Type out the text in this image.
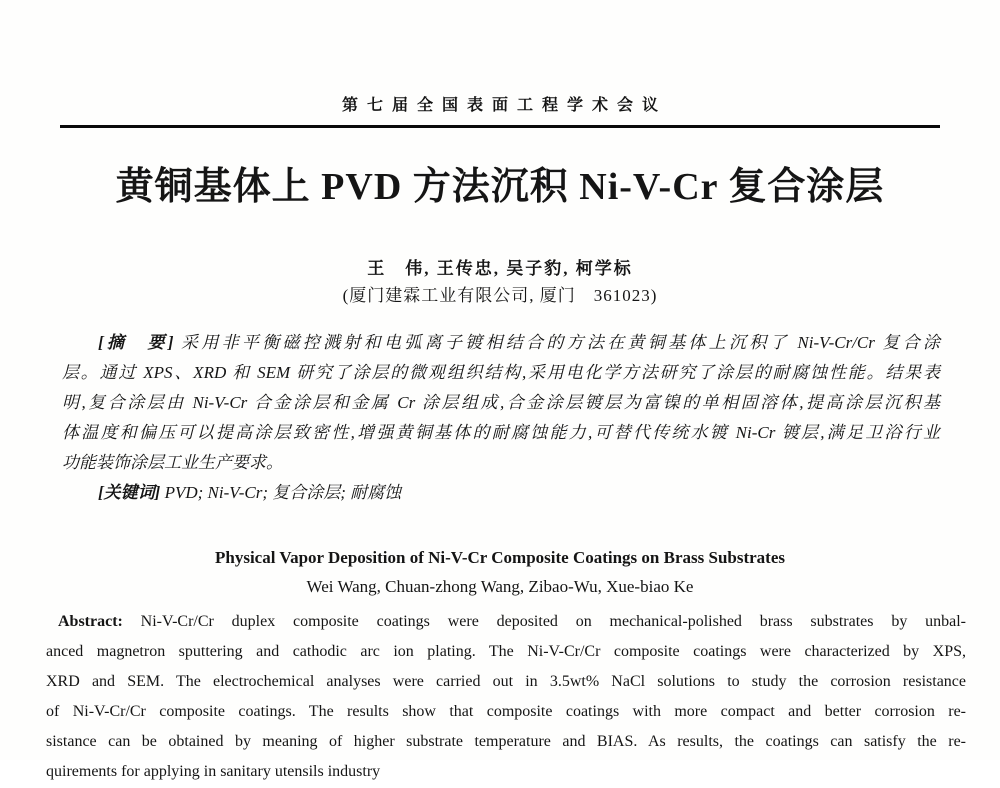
第七届全国表面工程学术会议
黄铜基体上 PVD 方法沉积 Ni-V-Cr 复合涂层
王　伟, 王传忠, 吴子豹, 柯学标
(厦门建霖工业有限公司, 厦门　361023)
[摘　要] 采用非平衡磁控溅射和电弧离子镀相结合的方法在黄铜基体上沉积了 Ni-V-Cr/Cr 复合涂
层。通过 XPS、XRD 和 SEM 研究了涂层的微观组织结构,采用电化学方法研究了涂层的耐腐蚀性能。结果表
明,复合涂层由 Ni-V-Cr 合金涂层和金属 Cr 涂层组成,合金涂层镀层为富镍的单相固溶体,提高涂层沉积基
体温度和偏压可以提高涂层致密性,增强黄铜基体的耐腐蚀能力,可替代传统水镀 Ni-Cr 镀层,满足卫浴行业
功能装饰涂层工业生产要求。
[关键词] PVD; Ni-V-Cr; 复合涂层; 耐腐蚀
Physical Vapor Deposition of Ni-V-Cr Composite Coatings on Brass Substrates
Wei Wang, Chuan-zhong Wang, Zibao-Wu, Xue-biao Ke
Abstract: Ni-V-Cr/Cr duplex composite coatings were deposited on mechanical-polished brass substrates by unbal-
anced magnetron sputtering and cathodic arc ion plating. The Ni-V-Cr/Cr composite coatings were characterized by XPS,
XRD and SEM. The electrochemical analyses were carried out in 3.5wt% NaCl solutions to study the corrosion resistance
of Ni-V-Cr/Cr composite coatings. The results show that composite coatings with more compact and better corrosion re-
sistance can be obtained by meaning of higher substrate temperature and BIAS. As results, the coatings can satisfy the re-
quirements for applying in sanitary utensils industry
